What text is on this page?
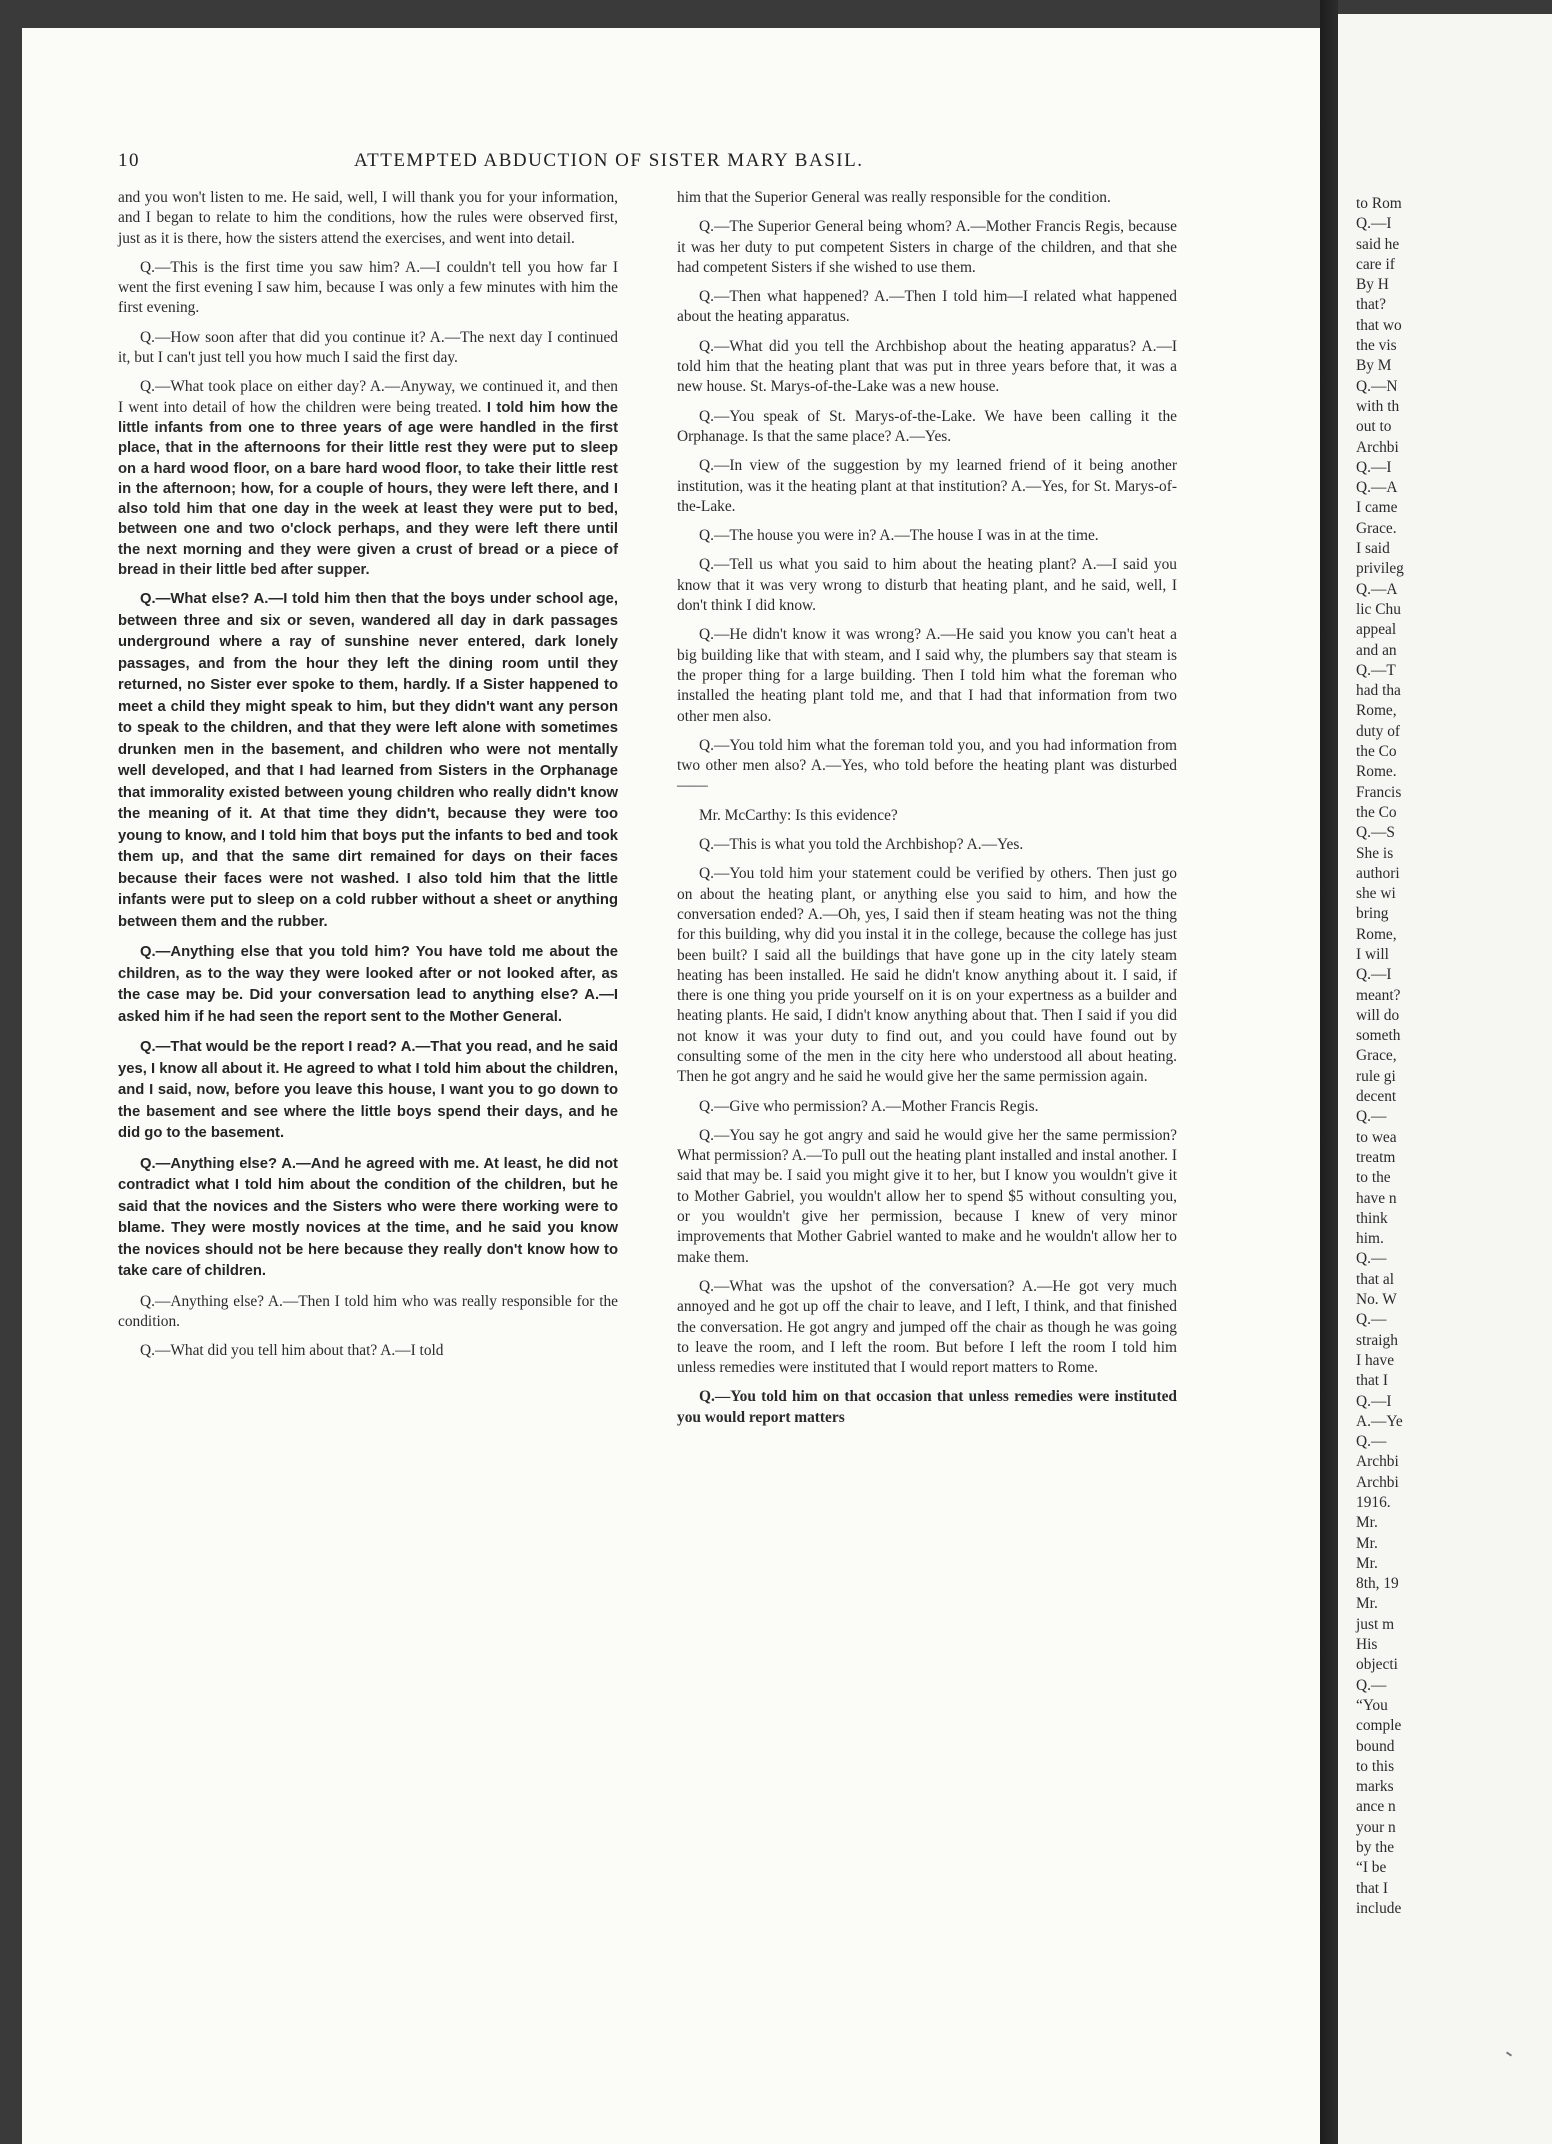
10	ATTEMPTED ABDUCTION OF SISTER MARY BASIL.

and you won't listen to me. He said, well, I will thank you for your information, and I began to relate to him the conditions, how the rules were observed first, just as it is there, how the sisters attend the exercises, and went into detail.

Q.—This is the first time you saw him? A.—I couldn't tell you how far I went the first evening I saw him, because I was only a few minutes with him the first evening.

Q.—How soon after that did you continue it? A.—The next day I continued it, but I can't just tell you how much I said the first day.

Q.—What took place on either day? A.—Anyway, we continued it, and then I went into detail of how the children were being treated. I told him how the little infants from one to three years of age were handled in the first place, that in the afternoons for their little rest they were put to sleep on a hard wood floor, on a bare hard wood floor, to take their little rest in the afternoon; how, for a couple of hours, they were left there, and I also told him that one day in the week at least they were put to bed, between one and two o'clock perhaps, and they were left there until the next morning and they were given a crust of bread or a piece of bread in their little bed after supper.

Q.—What else? A.—I told him then that the boys under school age, between three and six or seven, wandered all day in dark passages underground where a ray of sunshine never entered, dark lonely passages, and from the hour they left the dining room until they returned, no Sister ever spoke to them, hardly. If a Sister happened to meet a child they might speak to him, but they didn't want any person to speak to the children, and that they were left alone with sometimes drunken men in the basement, and children who were not mentally well developed, and that I had learned from Sisters in the Orphanage that immorality existed between young children who really didn't know the meaning of it. At that time they didn't, because they were too young to know, and I told him that boys put the infants to bed and took them up, and that the same dirt remained for days on their faces because their faces were not washed. I also told him that the little infants were put to sleep on a cold rubber without a sheet or anything between them and the rubber.

Q.—Anything else that you told him? You have told me about the children, as to the way they were looked after or not looked after, as the case may be. Did your conversation lead to anything else? A.—I asked him if he had seen the report sent to the Mother General.

Q.—That would be the report I read? A.—That you read, and he said yes, I know all about it. He agreed to what I told him about the children, and I said, now, before you leave this house, I want you to go down to the basement and see where the little boys spend their days, and he did go to the basement.

Q.—Anything else? A.—And he agreed with me. At least, he did not contradict what I told him about the condition of the children, but he said that the novices and the Sisters who were there working were to blame. They were mostly novices at the time, and he said you know the novices should not be here because they really don't know how to take care of children.

Q.—Anything else? A.—Then I told him who was really responsible for the condition.

Q.—What did you tell him about that? A.—I told

him that the Superior General was really responsible for the condition.

Q.—The Superior General being whom? A.—Mother Francis Regis, because it was her duty to put competent Sisters in charge of the children, and that she had competent Sisters if she wished to use them.

Q.—Then what happened? A.—Then I told him—I related what happened about the heating apparatus.

Q.—What did you tell the Archbishop about the heating apparatus? A.—I told him that the heating plant that was put in three years before that, it was a new house. St. Marys-of-the-Lake was a new house.

Q.—You speak of St. Marys-of-the-Lake. We have been calling it the Orphanage. Is that the same place? A.—Yes.

Q.—In view of the suggestion by my learned friend of it being another institution, was it the heating plant at that institution? A.—Yes, for St. Marys-of-the-Lake.

Q.—The house you were in? A.—The house I was in at the time.

Q.—Tell us what you said to him about the heating plant? A.—I said you know that it was very wrong to disturb that heating plant, and he said, well, I don't think I did know.

Q.—He didn't know it was wrong? A.—He said you know you can't heat a big building like that with steam, and I said why, the plumbers say that steam is the proper thing for a large building. Then I told him what the foreman who installed the heating plant told me, and that I had that information from two other men also.

Q.—You told him what the foreman told you, and you had information from two other men also? A.—Yes, who told before the heating plant was disturbed——

Mr. McCarthy: Is this evidence?

Q.—This is what you told the Archbishop? A.—Yes.

Q.—You told him your statement could be verified by others. Then just go on about the heating plant, or anything else you said to him, and how the conversation ended? A.—Oh, yes, I said then if steam heating was not the thing for this building, why did you instal it in the college, because the college has just been built? I said all the buildings that have gone up in the city lately steam heating has been installed. He said he didn't know anything about it. I said, if there is one thing you pride yourself on it is on your expertness as a builder and heating plants. He said, I didn't know anything about that. Then I said if you did not know it was your duty to find out, and you could have found out by consulting some of the men in the city here who understood all about heating. Then he got angry and he said he would give her the same permission again.

Q.—Give who permission? A.—Mother Francis Regis.

Q.—You say he got angry and said he would give her the same permission? What permission? A.—To pull out the heating plant installed and instal another. I said that may be. I said you might give it to her, but I know you wouldn't give it to Mother Gabriel, you wouldn't allow her to spend $5 without consulting you, or you wouldn't give her permission, because I knew of very minor improvements that Mother Gabriel wanted to make and he wouldn't allow her to make them.

Q.—What was the upshot of the conversation? A.—He got very much annoyed and he got up off the chair to leave, and I left, I think, and that finished the conversation. He got angry and jumped off the chair as though he was going to leave the room, and I left the room. But before I left the room I told him unless remedies were instituted that I would report matters to Rome.

Q.—You told him on that occasion that unless remedies were instituted you would report matters

to Rom
Q.—I
said he
care if
By H
that?
that wo
the vis
By M
Q.—N
with th
out to
Archbi
Q.—I
Q.—A
I came
Grace.
I said
privileg
Q.—A
lic Chu
appeal
and an
Q.—T
had tha
Rome,
duty of
the Co
Rome.
Francis
the Co
Q.—S
She is
authori
she wi
bring
Rome,
I will
Q.—I
meant?
will do
someth
Grace,
rule gi
decent
Q.—
to wea
treatm
to the
have n
think
him.
Q.—
that al
No. W
Q.—
straigh
I have
that I
Q.—I
A.—Ye
Q.—
Archbi
Archbi
1916.
Mr.
Mr.
Mr.
8th, 19
Mr.
just m
His
objecti
Q.—
“You
comple
bound
to this
marks
ance n
your n
by the
“I be
that I
include
